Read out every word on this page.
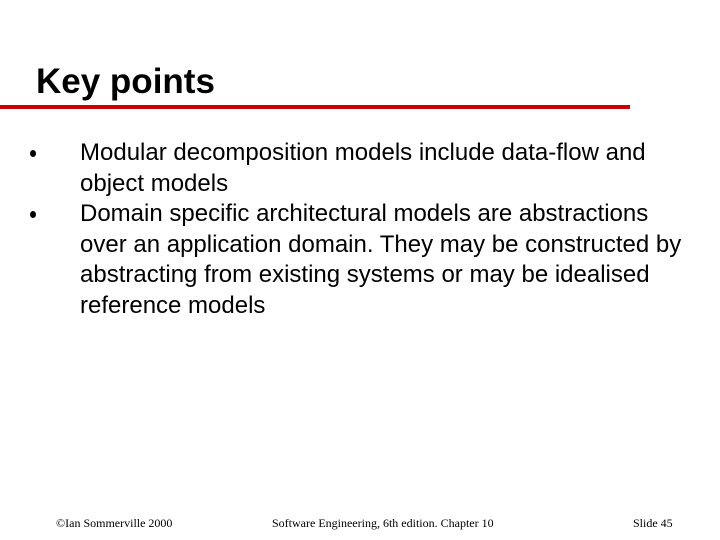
Key points
Modular decomposition models include data-flow and object models
Domain specific architectural models are abstractions over an application domain. They may be constructed by abstracting from existing systems or may be idealised reference models
©Ian Sommerville 2000	Software Engineering, 6th edition. Chapter 10	Slide 45
